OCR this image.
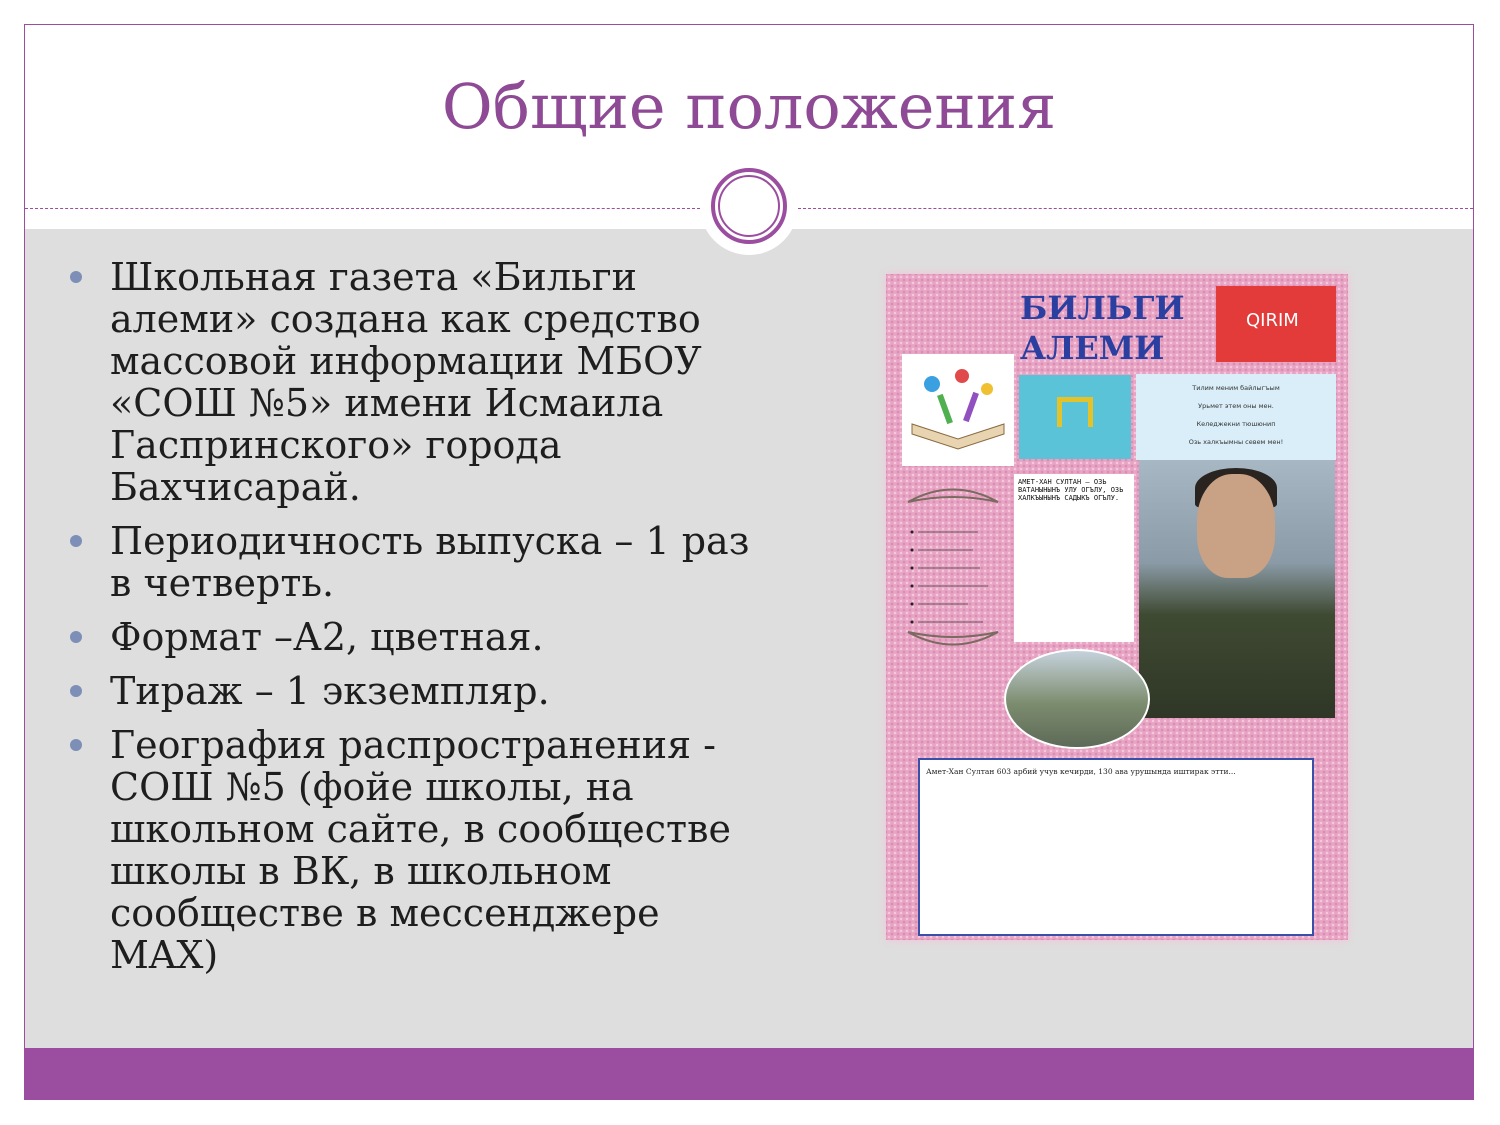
Общие положения
Школьная газета «Бильги алеми» создана как средство массовой информации МБОУ «СОШ №5» имени Исмаила Гаспринского» города Бахчисарай.
Периодичность выпуска – 1 раз в четверть.
Формат –А2, цветная.
Тираж – 1 экземпляр.
География распространения - СОШ №5 (фойе школы, на школьном сайте, в сообществе школы в ВК, в школьном сообществе в мессенджере MAX)
БИЛЬГИ АЛЕМИ
QIRIM
Тилим меним байлыгъым
Урьмет этем оны мен.
Келеджекни тюшюнип
Озь халкъымны севем мен!
АМЕТ-ХАН СУЛТАН — ОЗЬ ВАТАНЫНЫНЪ УЛУ ОГЪЛУ, ОЗЬ ХАЛКЪЫНЫНЪ САДЫКЪ ОГЪЛУ.
Амет-Хан Султан 603 арбий учув кечирди, 130 ава урушында иштирак этти...
